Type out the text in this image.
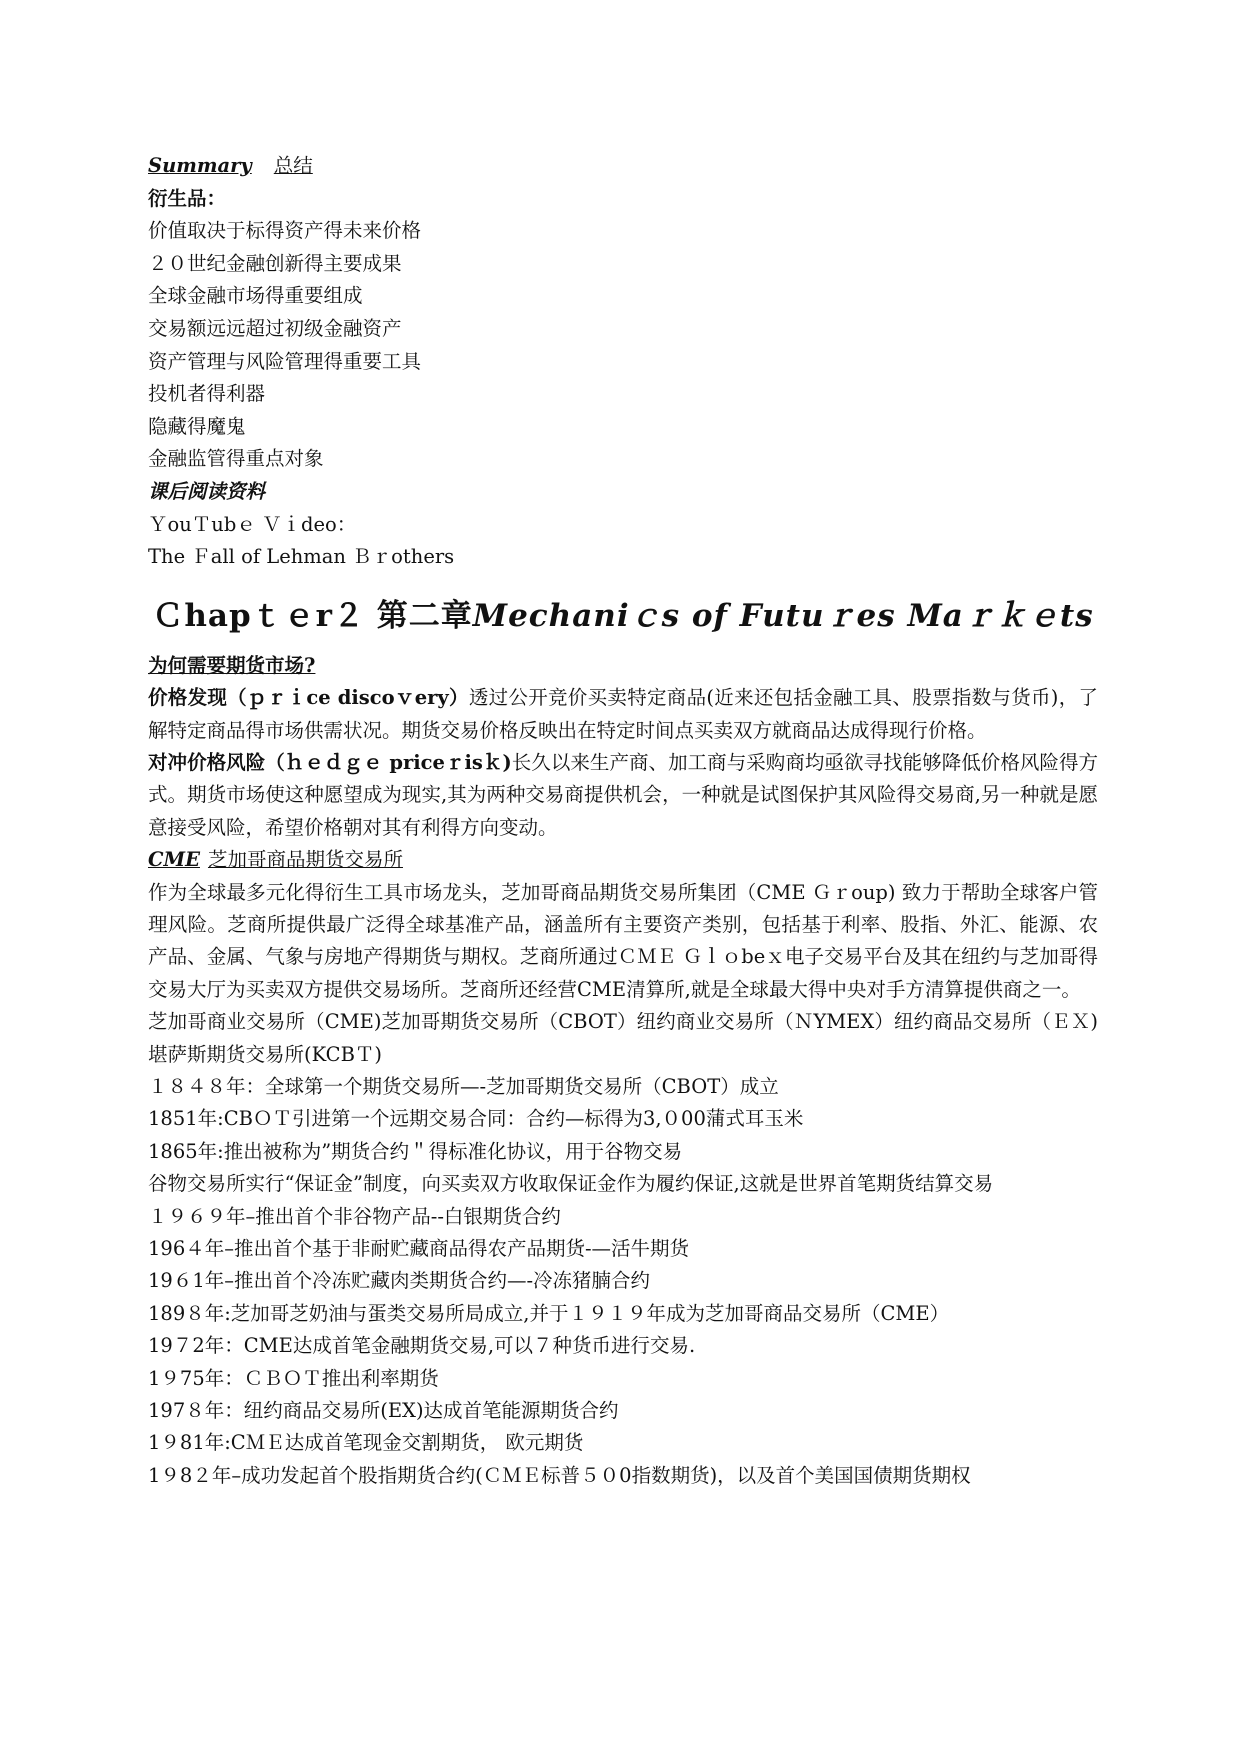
Summary 总结

衍生品：

价值取决于标得资产得未来价格

２０世纪金融创新得主要成果

全球金融市场得重要组成

交易额远远超过初级金融资产

资产管理与风险管理得重要工具

投机者得利器

隐藏得魔鬼

金融监管得重点对象

课后阅读资料

ＹouＴubｅ Ｖｉdeo：

The Ｆall of Lehman Ｂｒothers

Ｃhapｔｅr２ 第二章Mechaniｃs of Futuｒes Maｒｋｅts

为何需要期货市场?

价格发现（ｐｒｉce discoｖery）透过公开竞价买卖特定商品(近来还包括金融工具、股票指数与货币)，了解特定商品得市场供需状况。期货交易价格反映出在特定时间点买卖双方就商品达成得现行价格。

对冲价格风险（ｈｅｄｇｅ priceｒisｋ)长久以来生产商、加工商与采购商均亟欲寻找能够降低价格风险得方式。期货市场使这种愿望成为现实,其为两种交易商提供机会，一种就是试图保护其风险得交易商,另一种就是愿意接受风险，希望价格朝对其有利得方向变动。

CME 芝加哥商品期货交易所

作为全球最多元化得衍生工具市场龙头，芝加哥商品期货交易所集团（CME Ｇｒoup) 致力于帮助全球客户管理风险。芝商所提供最广泛得全球基准产品，涵盖所有主要资产类别，包括基于利率、股指、外汇、能源、农产品、金属、气象与房地产得期货与期权。芝商所通过ＣＭＥ Ｇｌｏbeｘ电子交易平台及其在纽约与芝加哥得交易大厅为买卖双方提供交易场所。芝商所还经营CME清算所,就是全球最大得中央对手方清算提供商之一。

芝加哥商业交易所（CME)芝加哥期货交易所（CBOT）纽约商业交易所（ＮYMEX）纽约商品交易所（ＥＸ)堪萨斯期货交易所(KCBＴ)

１８４８年：全球第一个期货交易所—-芝加哥期货交易所（CBOT）成立

1851年:CBＯＴ引进第一个远期交易合同：合约—标得为3,０00蒲式耳玉米

1865年:推出被称为”期货合约＂得标准化协议，用于谷物交易

谷物交易所实行“保证金”制度，向买卖双方收取保证金作为履约保证,这就是世界首笔期货结算交易

１９６９年–推出首个非谷物产品--白银期货合约

196４年–推出首个基于非耐贮藏商品得农产品期货-—活牛期货

19６1年–推出首个冷冻贮藏肉类期货合约—-冷冻猪腩合约

189８年:芝加哥芝奶油与蛋类交易所局成立,并于１９１９年成为芝加哥商品交易所（CME）

19７2年：CME达成首笔金融期货交易,可以７种货币进行交易.

1９75年：ＣＢＯＴ推出利率期货

197８年：纽约商品交易所(EX)达成首笔能源期货合约

1９81年:CＭＥ达成首笔现金交割期货， 欧元期货

1９8２年–成功发起首个股指期货合约(ＣＭＥ标普５０0指数期货)，以及首个美国国债期货期权
